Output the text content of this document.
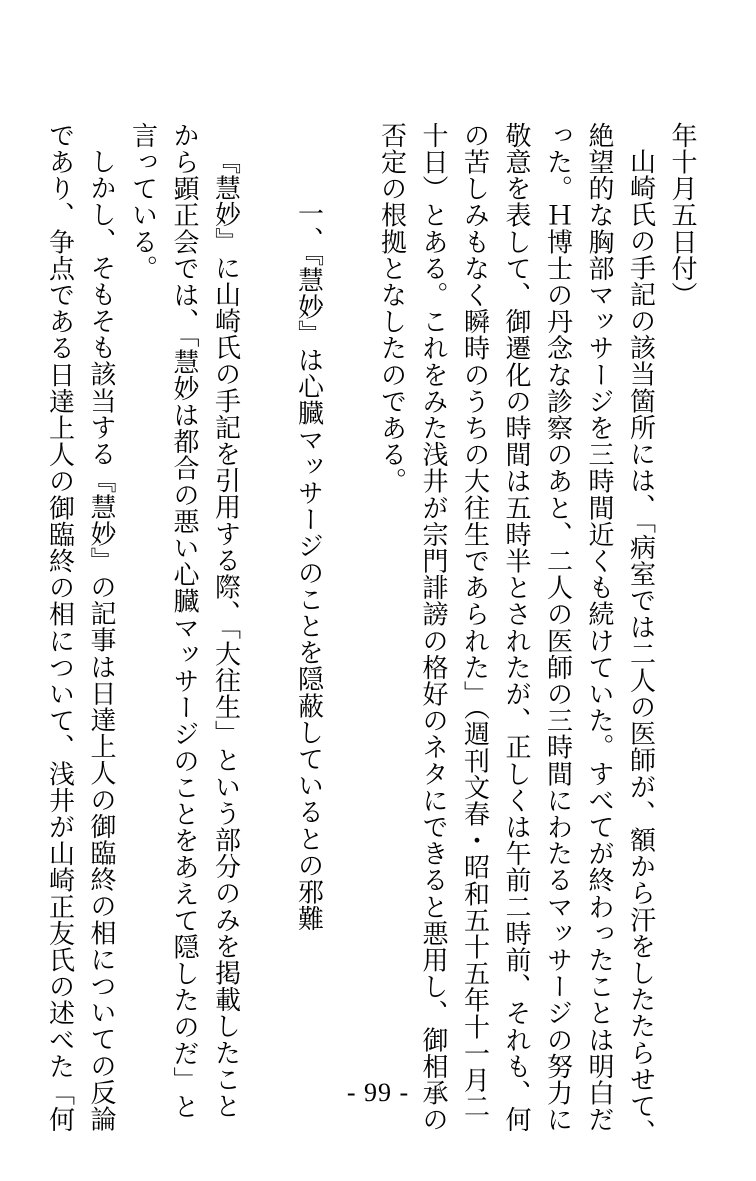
年十月五日付）
山崎氏の手記の該当箇所には、「病室では二人の医師が、額から汗をしたたらせて、
絶望的な胸部マッサージを三時間近くも続けていた。すべてが終わったことは明白だ
った。Ｈ博士の丹念な診察のあと、二人の医師の三時間にわたるマッサージの努力に
敬意を表して、御遷化の時間は五時半とされたが、正しくは午前二時前、それも、何
の苦しみもなく瞬時のうちの大往生であられた」（週刊文春・昭和五十五年十一月二
十日）とある。これをみた浅井が宗門誹謗の格好のネタにできると悪用し、御相承の
否定の根拠となしたのである。
一、『慧妙』は心臓マッサージのことを隠蔽しているとの邪難
『慧妙』に山崎氏の手記を引用する際、「大往生」という部分のみを掲載したこと
から顕正会では、「慧妙は都合の悪い心臓マッサージのことをあえて隠したのだ」と
言っている。
しかし、そもそも該当する『慧妙』の記事は日達上人の御臨終の相についての反論
であり、争点である日達上人の御臨終の相について、浅井が山崎正友氏の述べた「何	- 99 -
